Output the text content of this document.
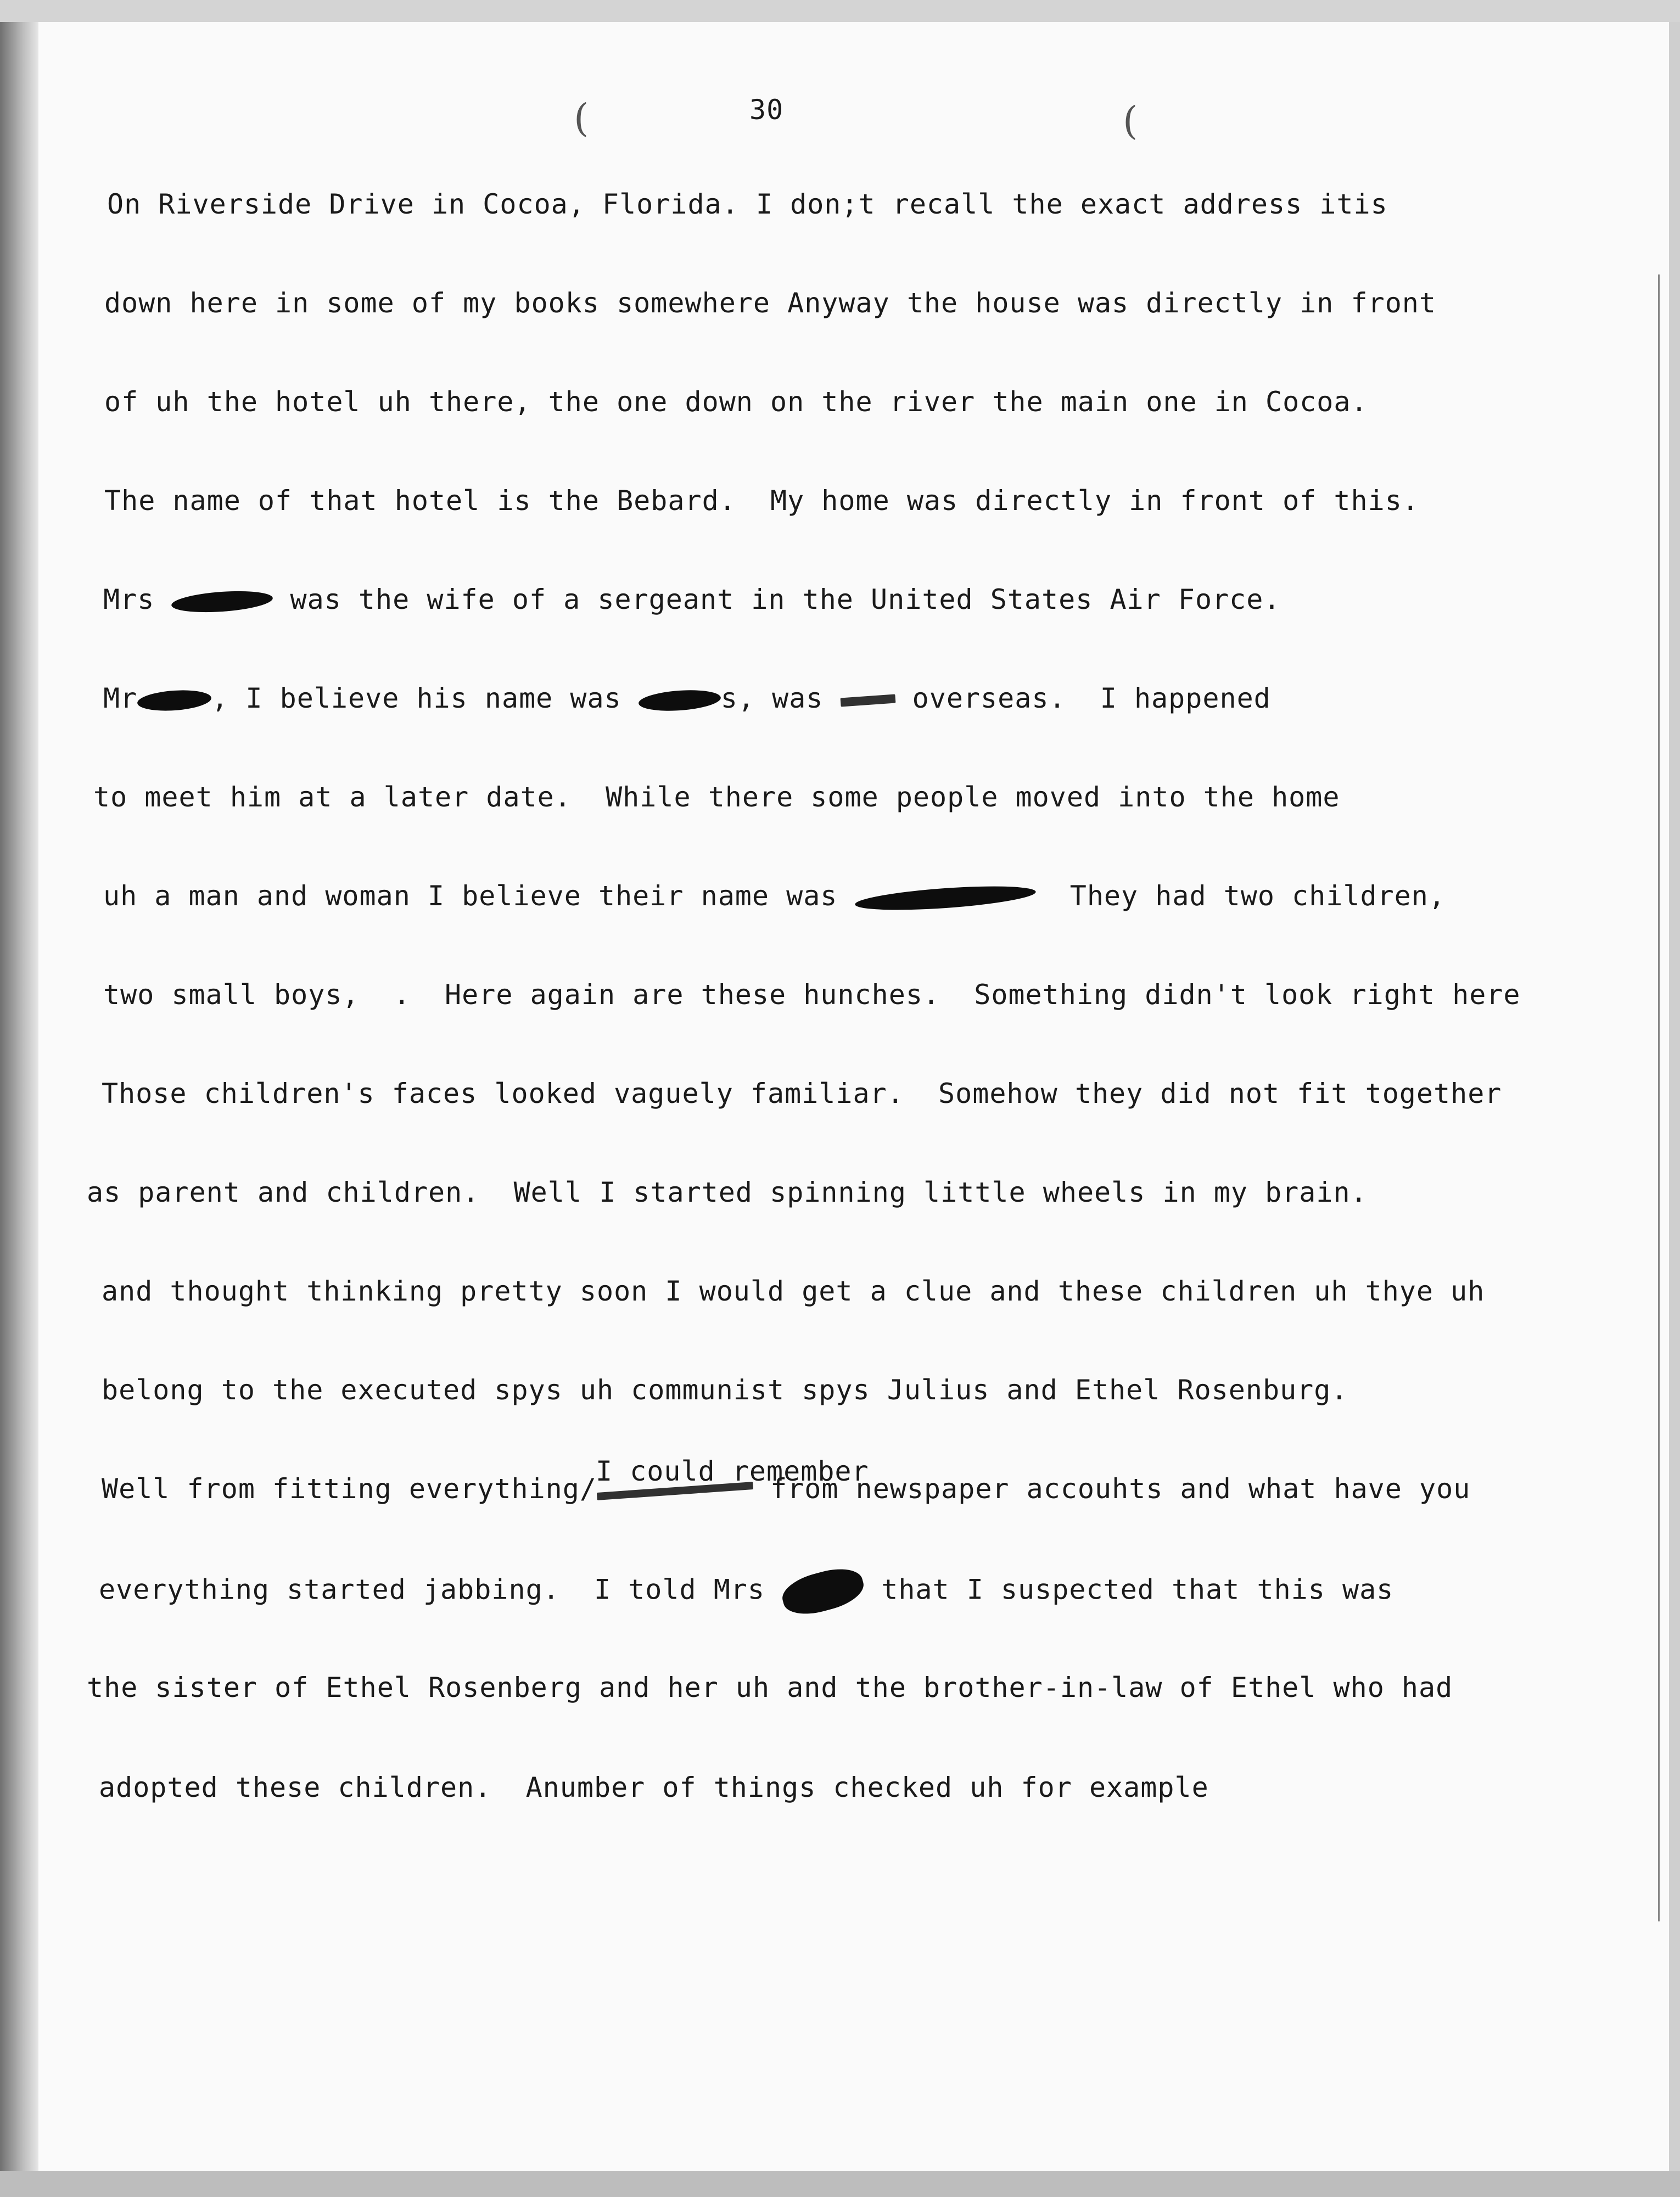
(	30	(
On Riverside Drive in Cocoa, Florida. I don;t recall the exact address itis
down here in some of my books somewhere Anyway the house was directly in front
of uh the hotel uh there, the one down on the river the main one in Cocoa.
The name of that hotel is the Bebard.  My home was directly in front of this.
Mrs	was the wife of a sergeant in the United States Air Force.
Mr	, I believe his name was	s, was  overseas.  I happened
to meet him at a later date.  While there some people moved into the home
uh a man and woman I believe their name was	They had two children,
two small boys,  .  Here again are these hunches.  Something didn't look right here
Those children's faces looked vaguely familiar.  Somehow they did not fit together
as parent and children.  Well I started spinning little wheels in my brain.
and thought thinking pretty soon I would get a clue and these children uh thye uh
belong to the executed spys uh communist spys Julius and Ethel Rosenburg.
I could remember
Well from fitting everything/	from newspaper accouhts and what have you
everything started jabbing.  I told Mrs	that I suspected that this was
the sister of Ethel Rosenberg and her uh and the brother-in-law of Ethel who had
adopted these children.  Anumber of things checked uh for example
